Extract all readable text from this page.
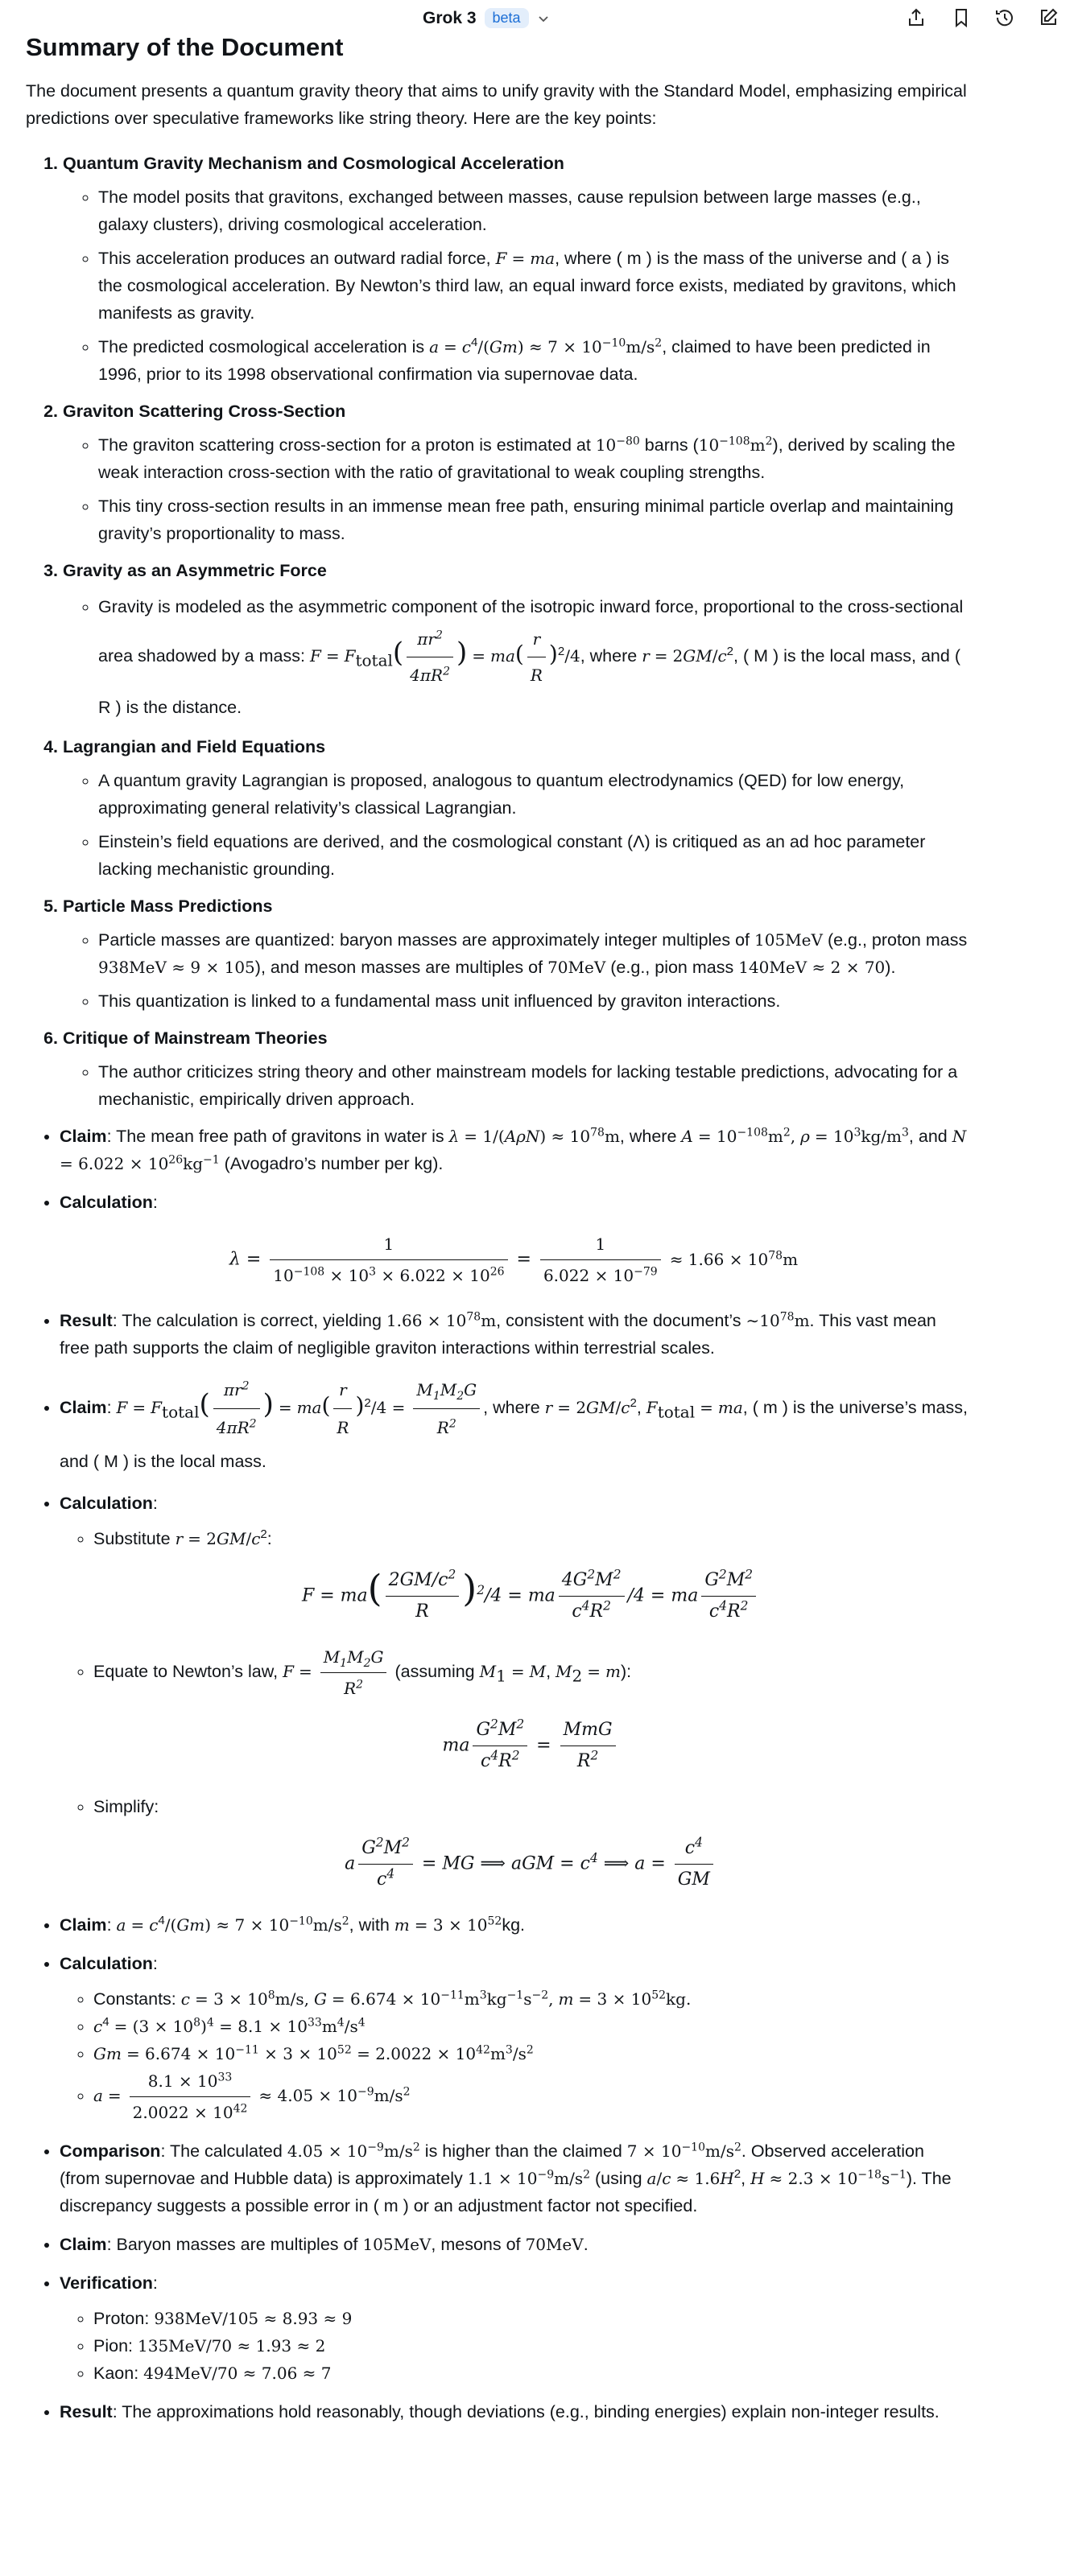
Grok 3	beta
Summary of the Document

The document presents a quantum gravity theory that aims to unify gravity with the Standard Model, emphasizing empirical predictions over speculative frameworks like string theory. Here are the key points:

1. Quantum Gravity Mechanism and Cosmological Acceleration
◦ The model posits that gravitons, exchanged between masses, cause repulsion between large masses (e.g., galaxy clusters), driving cosmological acceleration.
◦ This acceleration produces an outward radial force, F = ma, where ( m ) is the mass of the universe and ( a ) is the cosmological acceleration. By Newton’s third law, an equal inward force exists, mediated by gravitons, which manifests as gravity.
◦ The predicted cosmological acceleration is $a = c^4/(Gm) \approx 7 \times 10^{-10}m/s^2$, claimed to have been predicted in 1996, prior to its 1998 observational confirmation via supernovae data.
2. Graviton Scattering Cross-Section
◦ The graviton scattering cross-section for a proton is estimated at $10^{-80}$ barns $(10^{-108}m^2)$, derived by scaling the weak interaction cross-section with the ratio of gravitational to weak coupling strengths.
◦ This tiny cross-section results in an immense mean free path, ensuring minimal particle overlap and maintaining gravity’s proportionality to mass.
3. Gravity as an Asymmetric Force
◦ Gravity is modeled as the asymmetric component of the isotropic inward force, proportional to the cross-sectional area shadowed by a mass: $F = F_{total}( \frac{\pi r^2}{4\pi R^2}$ ) = $ma( \frac{r}{R} )^2/4$, where $r = 2GM/c^2$, ( M ) is the local mass, and ( R ) is the distance.
4. Lagrangian and Field Equations
◦ A quantum gravity Lagrangian is proposed, analogous to quantum electrodynamics (QED) for low energy, approximating general relativity’s classical Lagrangian.
◦ Einstein’s field equations are derived, and the cosmological constant (Λ) is critiqued as an ad hoc parameter lacking mechanistic grounding.
5. Particle Mass Predictions
◦ Particle masses are quantized: baryon masses are approximately integer multiples of 105MeV (e.g., proton mass 938MeV ≈ 9 × 105), and meson masses are multiples of 70MeV (e.g., pion mass 140MeV ≈ 2 × 70).
◦ This quantization is linked to a fundamental mass unit influenced by graviton interactions.
6. Critique of Mainstream Theories
◦ The author criticizes string theory and other mainstream models for lacking testable predictions, advocating for a mechanistic, empirically driven approach.
• Claim: The mean free path of gravitons in water is $\lambda = 1/(A\rho N) \approx 10^{78}m$, where $A = 10^{-108}m^2$, $\rho = 10^3kg/m^3$, and $N = 6.022 \times 10^{26}kg^{-1}$ (Avogadro’s number per kg).
• Calculation:
$\lambda = \frac{1}{10^{-108} \times 10^3 \times 6.022 \times 10^{26}} = \frac{1}{6.022 \times 10^{-79}} \approx 1.66 \times 10^{78}m$
• Result: The calculation is correct, yielding $1.66 \times 10^{78}m$, consistent with the document’s $\sim 10^{78}m$. This vast mean free path supports the claim of negligible graviton interactions within terrestrial scales.
• Claim: $F = F_{total}( \frac{\pi r^2}{4\pi R^2}$ ) = $ma( \frac{r}{R} )^2/4 = \frac{M_1M_2G}{R^2}$ , where $r = 2GM/c^2$, $F_{total}$ = ma, ( m ) is the universe’s mass, and ( M ) is the local mass.
• Calculation:
◦ Substitute $r = 2GM/c^2$:
$F = ma( \frac{2GM/c^2}{R} )^2/4$ = ma $\frac{4G^2M^2}{c^4R^2} /4$ = ma $\frac{G^2M^2}{c^4R^2}$
◦ Equate to Newton’s law, $F = \frac{M_1M_2G}{R^2}$ (assuming $M_1 = M$, $M_2 = m$):
ma $\frac{G^2M^2}{c^4R^2} = \frac{\text{MmG}}{R^2}$
◦ Simplify:
a $\frac{G^2M^2}{c^4}$ = MG ⟹ aGM = $c^4$ ⟹ $a = \frac{c^4}{GM}$
• Claim: $a = c^4/(Gm) \approx 7 \times 10^{-10}m/s^2$, with $m = 3 \times 10^{52}kg$.
• Calculation:
◦ Constants: $c = 3 \times 10^8m/s$, $G = 6.674 \times 10^{-11}m^3kg^{-1}s^{-2}$, $m = 3 \times 10^{52}kg$.
◦ $c^4 = (3 \times 10^8)^4 = 8.1 \times 10^{33}m^4/s^4$
◦ $Gm = 6.674 \times 10^{-11} \times 3 \times 10^{52} = 2.0022 \times 10^{42}m^3/s^2$
◦ $a = \frac{8.1 \times 10^{33}}{2.0022 \times 10^{42}} \approx 4.05 \times 10^{-9}m/s^2$
• Comparison: The calculated $4.05 \times 10^{-9}m/s^2$ is higher than the claimed $7 \times 10^{-10}m/s^2$. Observed acceleration (from supernovae and Hubble data) is approximately $1.1 \times 10^{-9}m/s^2$ (using $a/c \approx 1.6H^2$, $H \approx 2.3 \times 10^{-18}s^{-1}$). The discrepancy suggests a possible error in ( m ) or an adjustment factor not specified.
• Claim: Baryon masses are multiples of 105MeV, mesons of 70MeV.
• Verification:
◦ Proton: 938MeV/105 ≈ 8.93 ≈ 9
◦ Pion: 135MeV/70 ≈ 1.93 ≈ 2
◦ Kaon: 494MeV/70 ≈ 7.06 ≈ 7
• Result: The approximations hold reasonably, though deviations (e.g., binding energies) explain non-integer results.
